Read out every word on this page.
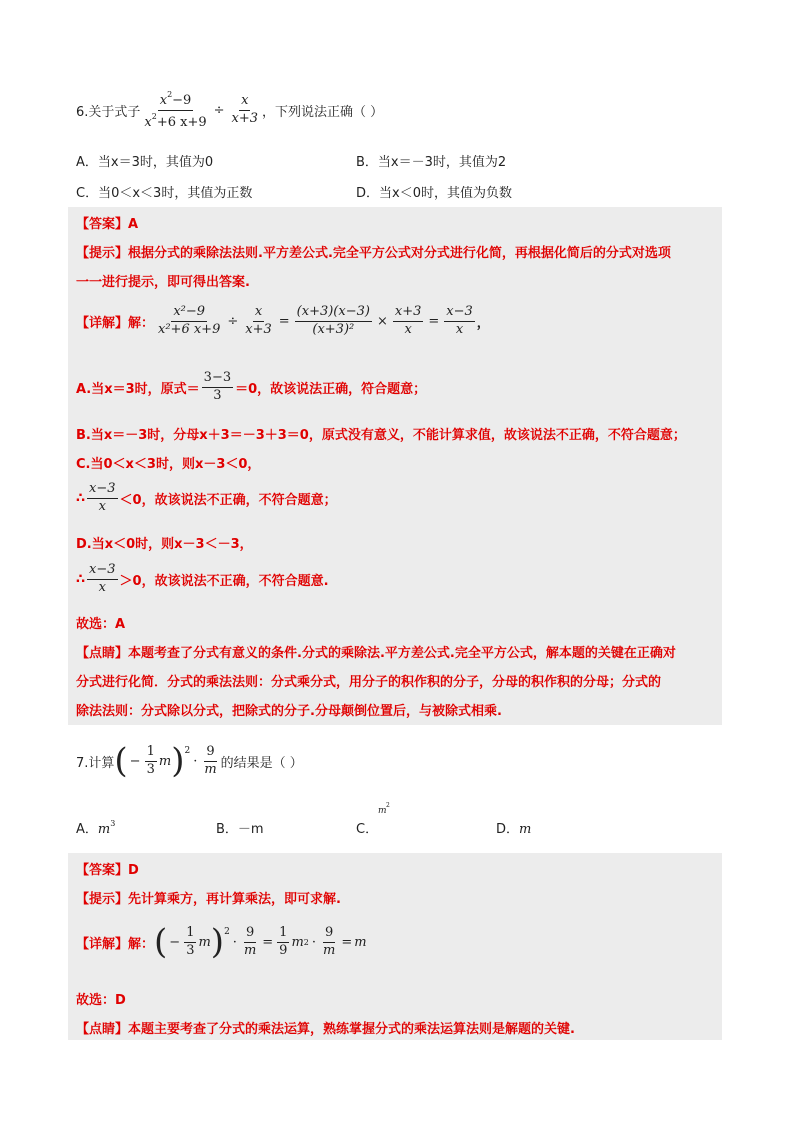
6.关于式子 $\frac{x^2-9}{x^2+6 x+9} \div \frac{x}{x+3}$ ，下列说法正确（ ）
A．当x＝3时，其值为0	B．当x＝－3时，其值为2
C．当0＜x＜3时，其值为正数	D．当x＜0时，其值为负数
【答案】A
【提示】根据分式的乘除法法则.平方差公式.完全平方公式对分式进行化简，再根据化简后的分式对选项
一一进行提示，即可得出答案.
【详解】解： $\frac{\text{x²−9}}{\text{x²+6 x+9}} \div \frac{x}{x+3} = \frac{(x+3)(x-3)}{\text{(x+3)²}} \times \frac{x+3}{x} = \frac{x-3}{x}$ ，
A.当x＝3时，原式＝ $\frac{3-3}{3} =0$，故该说法正确，符合题意；
B.当x＝－3时，分母x＋3＝－3＋3＝0，原式没有意义，不能计算求值，故该说法不正确，不符合题意；
C.当0＜x＜3时，则x－3＜0，
∴ $\frac{x-3}{x} <0$，故该说法不正确，不符合题意；
D.当x＜0时，则x－3＜－3，
∴ $\frac{x-3}{x} >0$，故该说法不正确，不符合题意.
故选：A
【点睛】本题考查了分式有意义的条件.分式的乘除法.平方差公式.完全平方公式，解本题的关键在正确对
分式进行化简．分式的乘法法则：分式乘分式，用分子的积作积的分子，分母的积作积的分母；分式的
除法法则：分式除以分式，把除式的分子.分母颠倒位置后，与被除式相乘.
7.计算 ( − $\frac{1}{3}$ m )$^2$
· $\frac{9}{m}$ 的结果是（ ）
A．$m^3$	B．－m	C．
m
2
D．m
【答案】D
【提示】先计算乘方，再计算乘法，即可求解.
【详解】解： ( − $\frac{1}{3}$ m )$^2$
· $\frac{9}{m} = \frac{1}{9}$ m $2 \cdot \frac{9}{m} = m$
故选：D
【点睛】本题主要考查了分式的乘法运算，熟练掌握分式的乘法运算法则是解题的关键.
